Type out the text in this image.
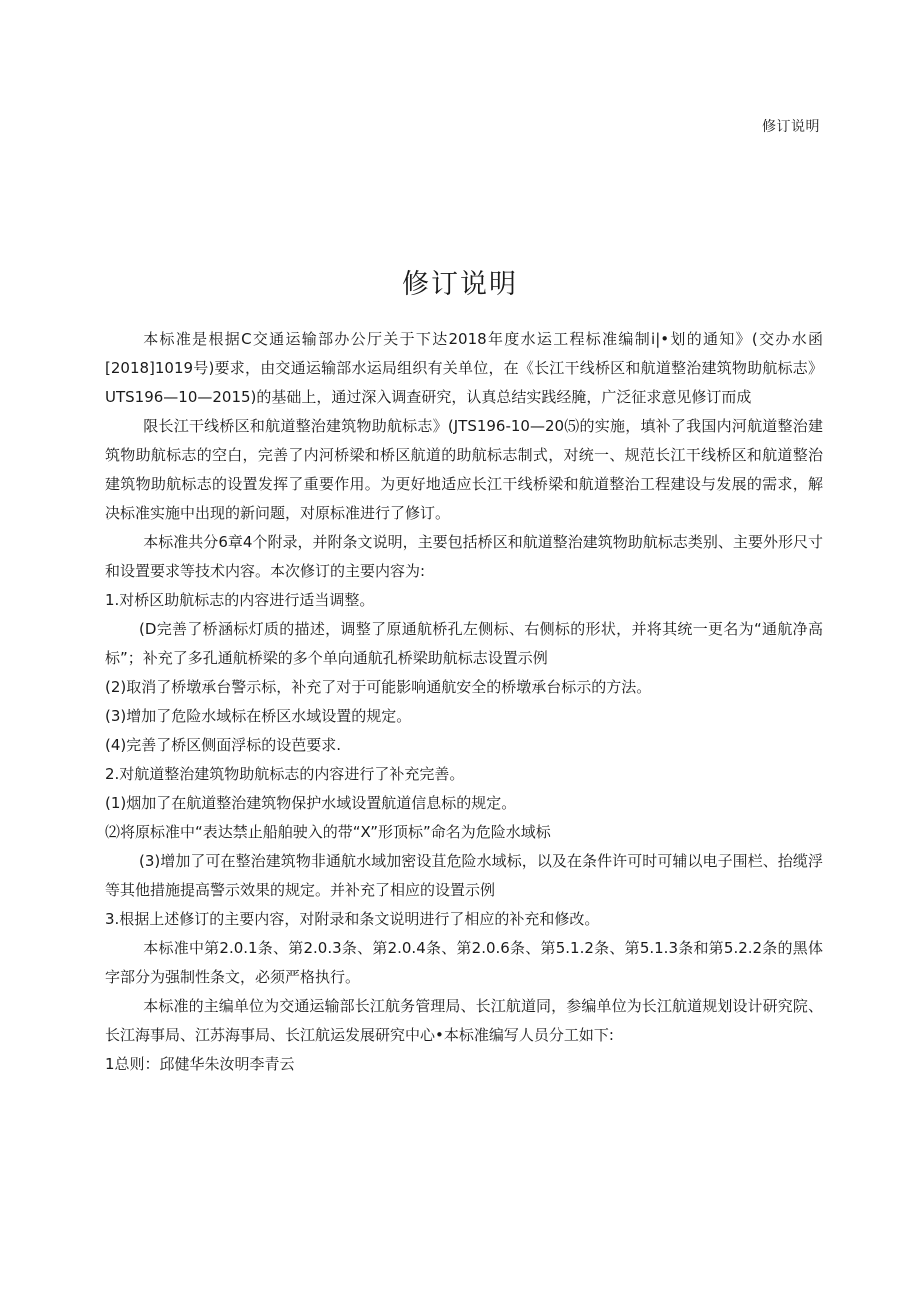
修订说明
修订说明

本标准是根据C交通运输部办公厅关于下达2018年度水运工程标准编制i|•划的通知》(交办水函[2018]1019号)要求，由交通运输部水运局组织有关单位，在《长江干线桥区和航道整治建筑物助航标志》UTS196—10—2015)的基础上，通过深入调查研究，认真总结实践经腌，广泛征求意见修订而成

限长江干线桥区和航道整治建筑物助航标志》(JTS196-10—20⑸的实施，填补了我国内河航道整治建筑物助航标志的空白，完善了内河桥梁和桥区航道的助航标志制式，对统一、规范长江干线桥区和航道整治建筑物助航标志的设置发挥了重要作用。为更好地适应长江干线桥梁和航道整治工程建设与发展的需求，解决标准实施中出现的新问题，对原标准进行了修订。

本标准共分6章4个附录，并附条文说明，主要包括桥区和航道整治建筑物助航标志类别、主要外形尺寸和设置要求等技术内容。本次修订的主要内容为:

1.对桥区助航标志的内容进行适当调整。

(D完善了桥涵标灯质的描述，调整了原通航桥孔左侧标、右侧标的形状，并将其统一更名为“通航净高标”；补充了多孔通航桥梁的多个单向通航孔桥梁助航标志设置示例

(2)取消了桥墩承台警示标，补充了对于可能影响通航安全的桥墩承台标示的方法。

(3)增加了危险水域标在桥区水域设置的规定。

(4)完善了桥区侧面浮标的设芭要求.

2.对航道整治建筑物助航标志的内容进行了补充完善。

(1)烟加了在航道整治建筑物保护水域设置航道信息标的规定。

⑵将原标准中“表达禁止船舶驶入的带“X”形顶标”命名为危险水域标

(3)增加了可在整治建筑物非通航水域加密设苴危险水域标，以及在条件许可时可辅以电子围栏、抬缆浮等其他措施提高警示效果的规定。并补充了相应的设置示例

3.根据上述修订的主要内容，对附录和条文说明进行了相应的补充和修改。

本标准中第2.0.1条、第2.0.3条、第2.0.4条、第2.0.6条、第5.1.2条、第5.1.3条和第5.2.2条的黑体字部分为强制性条文，必须严格执行。

本标准的主编单位为交通运输部长江航务管理局、长江航道同，参编单位为长江航道规划设计研究院、长江海事局、江苏海事局、长江航运发展研究中心•本标准编写人员分工如下:

1总则：邱健华朱汝明李青云
